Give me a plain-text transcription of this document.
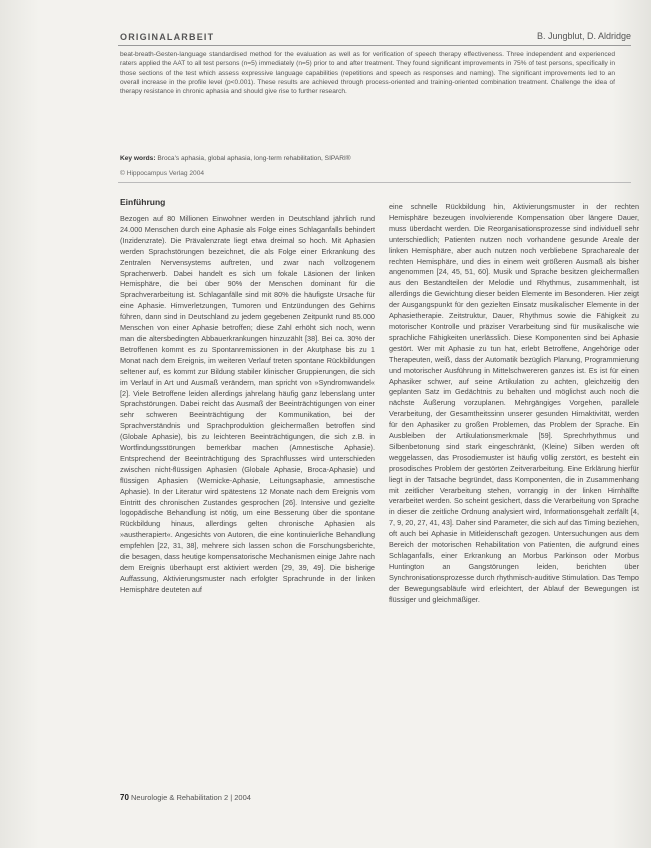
ORIGINALARBEIT	B. Jungblut, D. Aldridge
beat-breath-Gesten-language standardised method for the evaluation as well as for verification of speech therapy effectiveness. Three independent and experienced raters applied the AAT to all test persons (n=5) immediately (n=5) prior to and after treatment. They found significant improvements in 75% of test persons, specifically in those sections of the test which assess expressive language capabilities (repetitions and speech as responses and naming). The significant improvements led to an overall increase in the profile level (p<0.001). These results are achieved through process-oriented and training-oriented combination treatment. Challenge the idea of therapy resistance in chronic aphasia and should give rise to further research.
Key words: Broca's aphasia, global aphasia, long-term rehabilitation, SIPARI®
© Hippocampus Verlag 2004
Einführung
Bezogen auf 80 Millionen Einwohner werden in Deutschland jährlich rund 24.000 Menschen durch eine Aphasie als Folge eines Schlaganfalls behindert (Inzidenzrate). Die Prävalenzrate liegt etwa dreimal so hoch. Mit Aphasien werden Sprachstörungen bezeichnet, die als Folge einer Erkrankung des Zentralen Nervensystems auftreten, und zwar nach vollzogenem Spracherwerb. Dabei handelt es sich um fokale Läsionen der linken Hemisphäre, die bei über 90% der Menschen dominant für die Sprachverarbeitung ist. Schlaganfälle sind mit 80% die häufigste Ursache für eine Aphasie. Hirnverletzungen, Tumoren und Entzündungen des Gehirns führen, dann sind in Deutschland zu jedem gegebenen Zeitpunkt rund 85.000 Menschen von einer Aphasie betroffen; diese Zahl erhöht sich noch, wenn man die altersbedingten Abbauerkrankungen hinzuzählt [38]. Bei ca. 30% der Betroffenen kommt es zu Spontanremissionen in der Akutphase bis zu 1 Monat nach dem Ereignis, im weiteren Verlauf treten spontane Rückbildungen seltener auf, es kommt zur Bildung stabiler klinischer Gruppierungen, die sich im Verlauf in Art und Ausmaß verändern, man spricht von »Syndromwandel« [2]. Viele Betroffene leiden allerdings jahrelang häufig ganz lebenslang unter Sprachstörungen. Dabei reicht das Ausmaß der Beeinträchtigungen von einer sehr schweren Beeinträchtigung der Kommunikation, bei der Sprachverständnis und Sprachproduktion gleichermaßen betroffen sind (Globale Aphasie), bis zu leichteren Beeinträchtigungen, die sich z.B. in Wortfindungsstörungen bemerkbar machen (Amnestische Aphasie). Entsprechend der Beeinträchtigung des Sprachflusses wird unterschieden zwischen nicht-flüssigen Aphasien (Globale Aphasie, Broca-Aphasie) und flüssigen Aphasien (Wernicke-Aphasie, Leitungsaphasie, amnestische Aphasie). In der Literatur wird spätestens 12 Monate nach dem Ereignis vom Eintritt des chronischen Zustandes gesprochen [26]. Intensive und gezielte logopädische Behandlung ist nötig, um eine Besserung über die spontane Rückbildung hinaus, allerdings gelten chronische Aphasien als »austherapiert«. Angesichts von Autoren, die eine kontinuierliche Behandlung empfehlen [22, 31, 38], mehrere sich lassen schon die Forschungsberichte, die besagen, dass heutige kompensatorische Mechanismen einige Jahre nach dem Ereignis überhaupt erst aktiviert werden [29, 39, 49]. Die bisherige Auffassung, Aktivierungsmuster nach erfolgter Sprachrunde in der linken Hemisphäre deuteten auf
eine schnelle Rückbildung hin, Aktivierungsmuster in der rechten Hemisphäre bezeugen involvierende Kompensation über längere Dauer, muss überdacht werden. Die Reorganisationsprozesse sind individuell sehr unterschiedlich; Patienten nutzen noch vorhandene gesunde Areale der linken Hemisphäre, aber auch nutzen noch verbliebene Sprachareale der rechten Hemisphäre, und dies in einem weit größeren Ausmaß als bisher angenommen [24, 45, 51, 60]. Musik und Sprache besitzen gleichermaßen aus den Bestandteilen der Melodie und Rhythmus, zusammenhalt, ist allerdings die Gewichtung dieser beiden Elemente im Besonderen. Hier zeigt der Ausgangspunkt für den gezielten Einsatz musikalischer Elemente in der Aphasietherapie. Zeitstruktur, Dauer, Rhythmus sowie die Fähigkeit zu motorischer Kontrolle und präziser Verarbeitung sind für musikalische wie sprachliche Fähigkeiten unerlässlich. Diese Komponenten sind bei Aphasie gestört. Wer mit Aphasie zu tun hat, erlebt Betroffene, Angehörige oder Therapeuten, weiß, dass der Automatik bezüglich Planung, Programmierung und motorischer Ausführung in Mittelschwereren ganzes ist. Es ist für einen Aphasiker schwer, auf seine Artikulation zu achten, gleichzeitig den geplanten Satz im Gedächtnis zu behalten und möglichst auch noch die nächste Äußerung vorzuplanen. Mehrgängiges Vorgehen, parallele Verarbeitung, der Gesamtheitssinn unserer gesunden Hirnaktivität, werden für den Aphasiker zu großen Problemen, das Problem der Sprache. Ein Ausbleiben der Artikulationsmerkmale [59]. Sprechrhythmus und Silbenbetonung sind stark eingeschränkt, (Kleine) Silben werden oft weggelassen, das Prosodiemuster ist häufig völlig zerstört, es besteht ein prosodisches Problem der gestörten Zeitverarbeitung. Eine Erklärung hierfür liegt in der Tatsache begründet, dass Komponenten, die in Zusammenhang mit zeitlicher Verarbeitung stehen, vorrangig in der linken Hirnhälfte verarbeitet werden. So scheint gesichert, dass die Verarbeitung von Sprache in dieser die zeitliche Ordnung analysiert wird, Informationsgehalt zerfällt [4, 7, 9, 20, 27, 41, 43]. Daher sind Parameter, die sich auf das Timing beziehen, oft auch bei Aphasie in Mitleidenschaft gezogen. Untersuchungen aus dem Bereich der motorischen Rehabilitation von Patienten, die aufgrund eines Schlaganfalls, einer Erkrankung an Morbus Parkinson oder Morbus Huntington an Gangstörungen leiden, berichten über Synchronisationsprozesse durch rhythmisch-auditive Stimulation. Das Tempo der Bewegungsabläufe wird erleichtert, der Ablauf der Bewegungen ist flüssiger und gleichmäßiger.
70 Neurologie & Rehabilitation 2 | 2004
